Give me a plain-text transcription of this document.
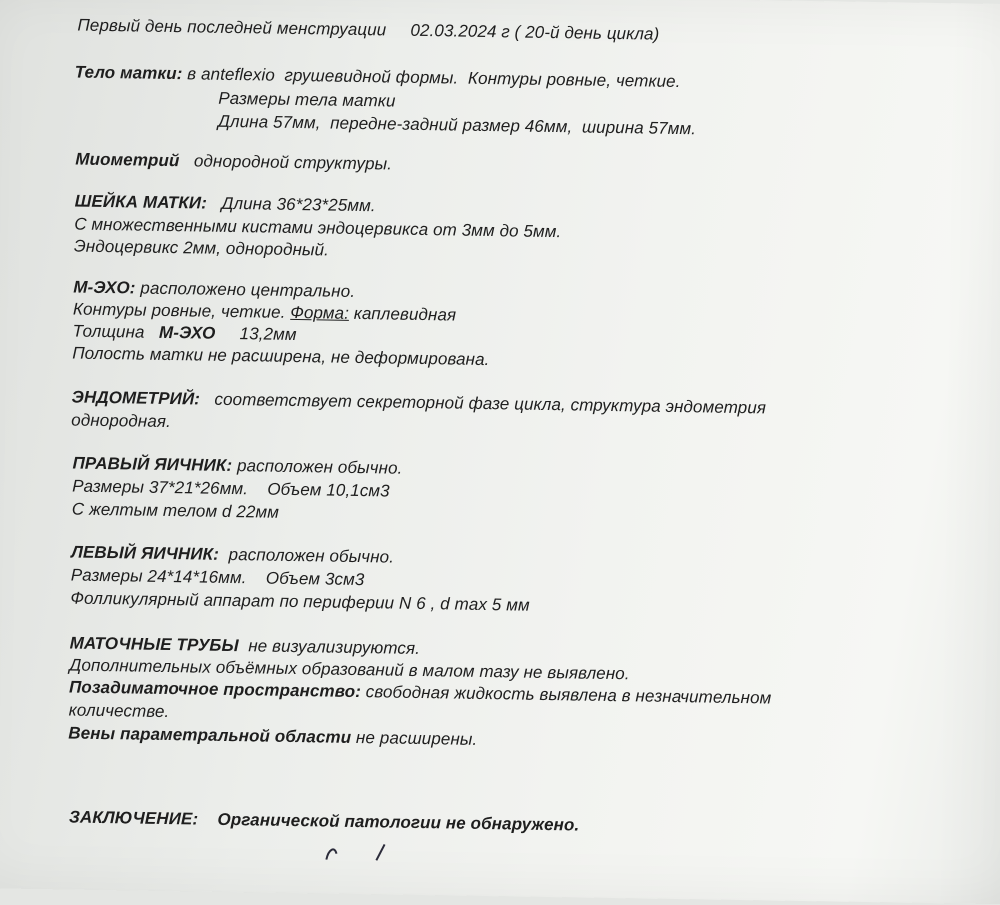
Первый день последней менструации 02.03.2024 г ( 20-й день цикла)
Тело матки: в anteflexio грушевидной формы. Контуры ровные, четкие.
Размеры тела матки
Длина 57мм, передне-задний размер 46мм, ширина 57мм.
Миометрий однородной структуры.
ШЕЙКА МАТКИ: Длина 36*23*25мм.
С множественными кистами эндоцервикса от 3мм до 5мм.
Эндоцервикс 2мм, однородный.
М-ЭХО: расположено центрально.
Контуры ровные, четкие. Форма: каплевидная
Толщина М-ЭХО 13,2мм
Полость матки не расширена, не деформирована.
ЭНДОМЕТРИЙ: соответствует секреторной фазе цикла, структура эндометрия
однородная.
ПРАВЫЙ ЯИЧНИК: расположен обычно.
Размеры 37*21*26мм. Объем 10,1см3
С желтым телом d 22мм
ЛЕВЫЙ ЯИЧНИК: расположен обычно.
Размеры 24*14*16мм. Объем 3см3
Фолликулярный аппарат по периферии N 6 , d max 5 мм
МАТОЧНЫЕ ТРУБЫ не визуализируются.
Дополнительных объёмных образований в малом тазу не выявлено.
Позадиматочное пространство: свободная жидкость выявлена в незначительном
количестве.
Вены параметральной области не расширены.
ЗАКЛЮЧЕНИЕ: Органической патологии не обнаружено.
